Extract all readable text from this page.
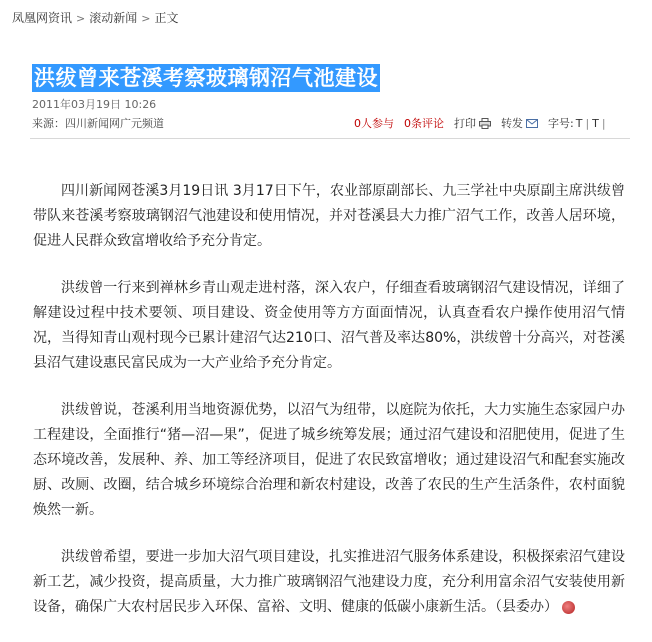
凤凰网资讯 > 滚动新闻 > 正文
洪绂曾来苍溪考察玻璃钢沼气池建设
2011年03月19日 10:26
来源：四川新闻网广元频道	0人参与 0条评论 打印 转发 字号: T | T |

四川新闻网苍溪3月19日讯 3月17日下午，农业部原副部长、九三学社中央原副主席洪绂曾带队来苍溪考察玻璃钢沼气池建设和使用情况，并对苍溪县大力推广沼气工作，改善人居环境，促进人民群众致富增收给予充分肯定。

洪绂曾一行来到禅林乡青山观走进村落，深入农户，仔细查看玻璃钢沼气建设情况，详细了解建设过程中技术要领、项目建设、资金使用等方方面面情况，认真查看农户操作使用沼气情况，当得知青山观村现今已累计建沼气达210口、沼气普及率达80%，洪绂曾十分高兴，对苍溪县沼气建设惠民富民成为一大产业给予充分肯定。

洪绂曾说，苍溪利用当地资源优势，以沼气为纽带，以庭院为依托，大力实施生态家园户办工程建设，全面推行“猪—沼—果”，促进了城乡统筹发展；通过沼气建设和沼肥使用，促进了生态环境改善，发展种、养、加工等经济项目，促进了农民致富增收；通过建设沼气和配套实施改厨、改厕、改圈，结合城乡环境综合治理和新农村建设，改善了农民的生产生活条件，农村面貌焕然一新。

洪绂曾希望，要进一步加大沼气项目建设，扎实推进沼气服务体系建设，积极探索沼气建设新工艺，减少投资，提高质量，大力推广玻璃钢沼气池建设力度，充分利用富余沼气安装使用新设备，确保广大农村居民步入环保、富裕、文明、健康的低碳小康新生活。（县委办）
